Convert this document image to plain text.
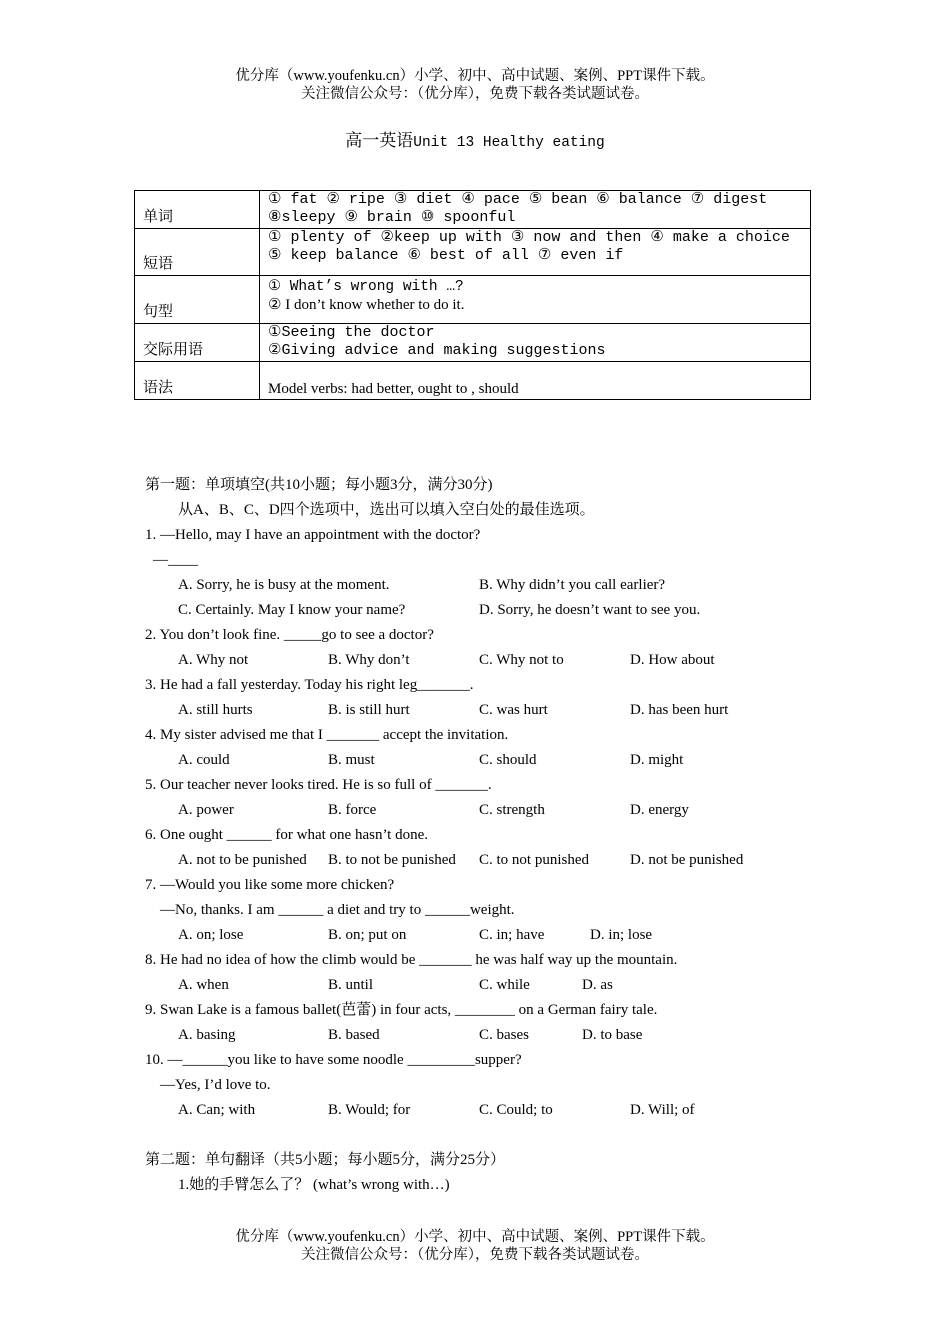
优分库（www.youfenku.cn）小学、初中、高中试题、案例、PPT课件下载。
关注微信公众号：（优分库），免费下载各类试题试卷。
高一英语Unit 13 Healthy eating
单词	① fat ② ripe ③ diet ④ pace ⑤ bean ⑥ balance ⑦ digest
⑧sleepy ⑨ brain ⑩ spoonful

短语	① plenty of ②keep up with ③ now and then ④ make a choice
⑤ keep balance ⑥ best of all ⑦ even if

句型	① What’s wrong with …?
② I don’t know whether to do it.

交际用语	①Seeing the doctor
②Giving advice and making suggestions

语法	Model verbs: had better, ought to , should
第一题：单项填空(共10小题；每小题3分，满分30分)
从A、B、C、D四个选项中，选出可以填入空白处的最佳选项。
1. —Hello, may I have an appointment with the doctor?
—____
A. Sorry, he is busy at the moment.	B. Why didn’t you call earlier?
C. Certainly. May I know your name?	D. Sorry, he doesn’t want to see you.
2. You don’t look fine. _____go to see a doctor?
A. Why not	B. Why don’t	C. Why not to	D. How about
3. He had a fall yesterday. Today his right leg_______.
A. still hurts	B. is still hurt	C. was hurt	D. has been hurt
4. My sister advised me that I _______ accept the invitation.
A. could	B. must	C. should	D. might
5. Our teacher never looks tired. He is so full of _______.
A. power	B. force	C. strength	D. energy
6. One ought ______ for what one hasn’t done.
A. not to be punished B. to not be punished C. to not punished	D. not be punished
7. —Would you like some more chicken?
—No, thanks. I am ______ a diet and try to ______weight.
A. on; lose	B. on; put on	C. in; have	D. in; lose
8. He had no idea of how the climb would be _______ he was half way up the mountain.
A. when	B. until	C. while	D. as
9. Swan Lake is a famous ballet(芭蕾) in four acts, ________ on a German fairy tale.
A. basing	B. based	C. bases	D. to base
10. —______you like to have some noodle _________supper?
—Yes, I’d love to.
A. Can; with	B. Would; for	C. Could; to	D. Will; of
第二题：单句翻译（共5小题；每小题5分，满分25分）
1.她的手臂怎么了？ (what’s wrong with…)
优分库（www.youfenku.cn）小学、初中、高中试题、案例、PPT课件下载。
关注微信公众号：（优分库），免费下载各类试题试卷。
